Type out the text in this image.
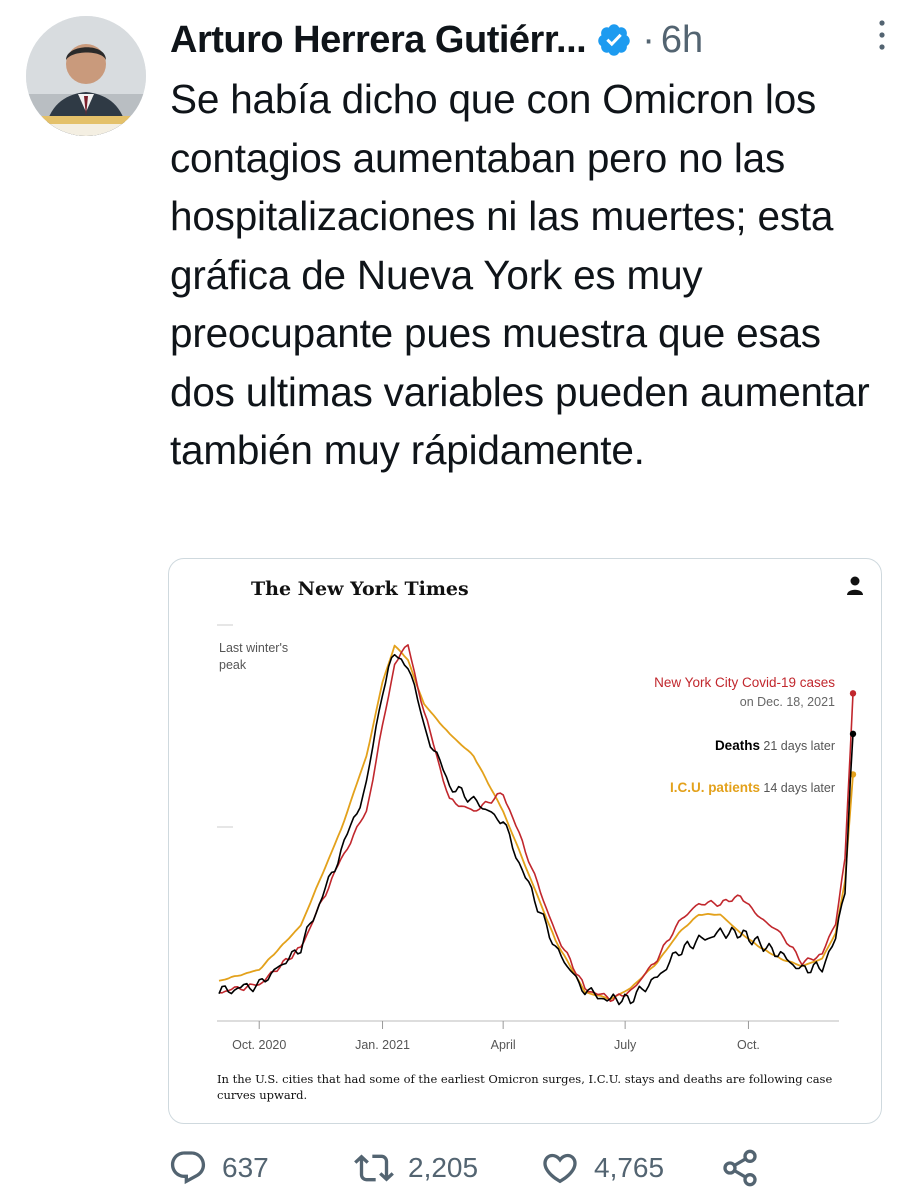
Arturo Herrera Gutiérr... · 6h
Se había dicho que con Omicron los contagios aumentaban pero no las hospitalizaciones ni las muertes; esta gráfica de Nueva York es muy preocupante pues muestra que esas dos ultimas variables pueden aumentar también muy rápidamente.
The New York Times
Oct. 2020	Jan. 2021	April	July	Oct.
Last winter's
peak
New York City Covid-19 cases
on Dec. 18, 2021
Deaths 21 days later
I.C.U. patients 14 days later
In the U.S. cities that had some of the earliest Omicron surges, I.C.U. stays and deaths are following case
curves upward.
637	2,205	4,765
